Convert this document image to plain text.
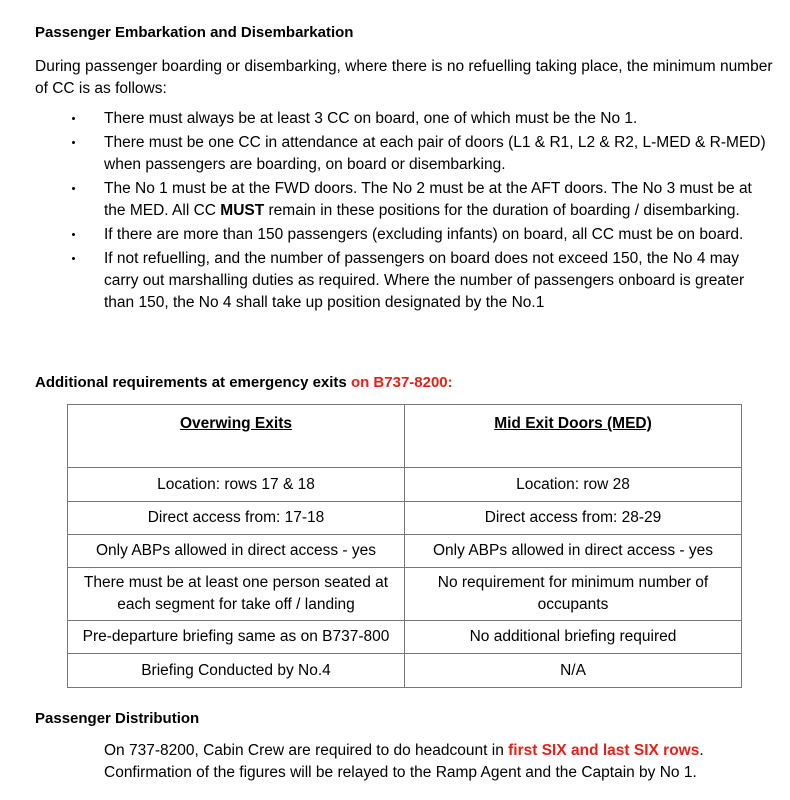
Passenger Embarkation and Disembarkation
During passenger boarding or disembarking, where there is no refuelling taking place, the minimum number of CC is as follows:
There must always be at least 3 CC on board, one of which must be the No 1.
There must be one CC in attendance at each pair of doors (L1 & R1, L2 & R2, L-MED & R-MED) when passengers are boarding, on board or disembarking.
The No 1 must be at the FWD doors. The No 2 must be at the AFT doors. The No 3 must be at the MED. All CC MUST remain in these positions for the duration of boarding / disembarking.
If there are more than 150 passengers (excluding infants) on board, all CC must be on board.
If not refuelling, and the number of passengers on board does not exceed 150, the No 4 may carry out marshalling duties as required. Where the number of passengers onboard is greater than 150, the No 4 shall take up position designated by the No.1
Additional requirements at emergency exits on B737-8200:
Overwing Exits	Mid Exit Doors (MED)
Location: rows 17 & 18	Location: row 28
Direct access from: 17-18	Direct access from: 28-29
Only ABPs allowed in direct access - yes	Only ABPs allowed in direct access - yes
There must be at least one person seated at each segment for take off / landing	No requirement for minimum number of occupants
Pre-departure briefing same as on B737-800	No additional briefing required
Briefing Conducted by No.4	N/A
Passenger Distribution
On 737-8200, Cabin Crew are required to do headcount in first SIX and last SIX rows. Confirmation of the figures will be relayed to the Ramp Agent and the Captain by No 1.
